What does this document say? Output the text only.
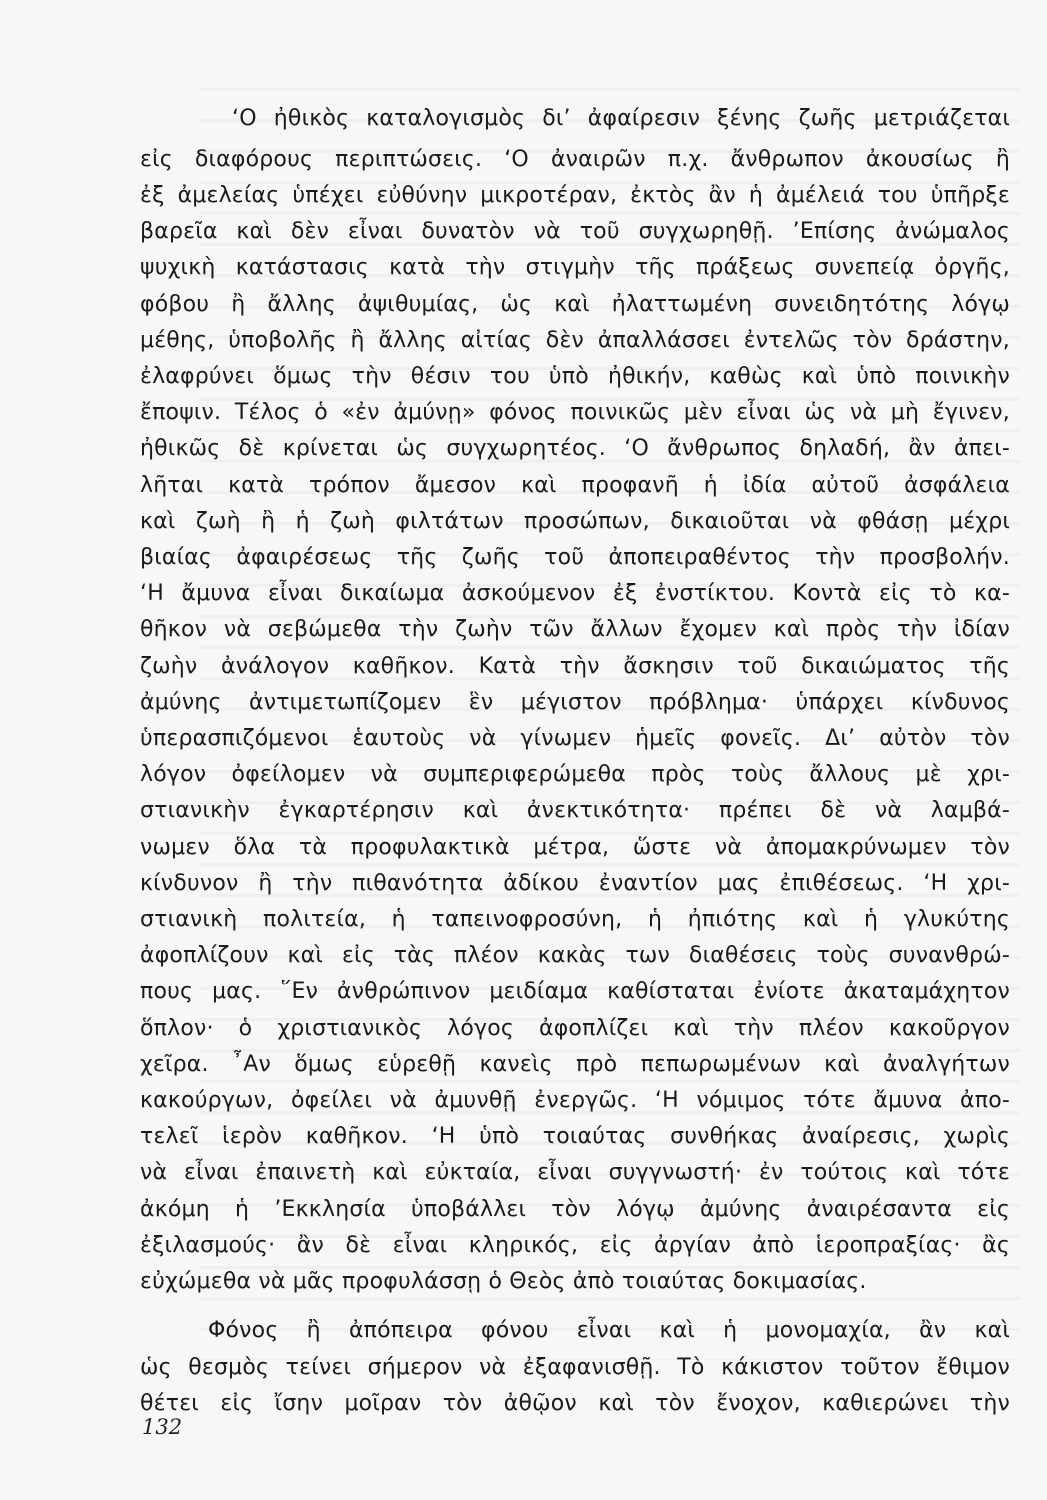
‘Ο ἠθικὸς καταλογισμὸς δι’ ἀφαίρεσιν ξένης ζωῆς μετριάζεται
εἰς διαφόρους περιπτώσεις. ‘Ο ἀναιρῶν π.χ. ἄνθρωπον ἀκουσίως ἢ
ἐξ ἀμελείας ὑπέχει εὐθύνην μικροτέραν, ἐκτὸς ἂν ἡ ἀμέλειά του ὑπῆρξε
βαρεῖα καὶ δὲν εἶναι δυνατὸν νὰ τοῦ συγχωρηθῇ. ’Επίσης ἀνώμαλος
ψυχικὴ κατάστασις κατὰ τὴν στιγμὴν τῆς πράξεως συνεπείᾳ ὀργῆς,
φόβου ἢ ἄλλης ἀψιθυμίας, ὡς καὶ ἠλαττωμένη συνειδητότης λόγῳ
μέθης, ὑποβολῆς ἢ ἄλλης αἰτίας δὲν ἀπαλλάσσει ἐντελῶς τὸν δράστην,
ἐλαφρύνει ὅμως τὴν θέσιν του ὑπὸ ἠθικήν, καθὼς καὶ ὑπὸ ποινικὴν
ἔποψιν. Τέλος ὁ «ἐν ἀμύνῃ» φόνος ποινικῶς μὲν εἶναι ὡς νὰ μὴ ἔγινεν,
ἠθικῶς δὲ κρίνεται ὡς συγχωρητέος. ‘Ο ἄνθρωπος δηλαδή, ἂν ἀπει-
λῆται κατὰ τρόπον ἄμεσον καὶ προφανῆ ἡ ἰδία αὐτοῦ ἀσφάλεια
καὶ ζωὴ ἢ ἡ ζωὴ φιλτάτων προσώπων, δικαιοῦται νὰ φθάσῃ μέχρι
βιαίας ἀφαιρέσεως τῆς ζωῆς τοῦ ἀποπειραθέντος τὴν προσβολήν.
‘Η ἄμυνα εἶναι δικαίωμα ἀσκούμενον ἐξ ἐνστίκτου. Κοντὰ εἰς τὸ κα-
θῆκον νὰ σεβώμεθα τὴν ζωὴν τῶν ἄλλων ἔχομεν καὶ πρὸς τὴν ἰδίαν
ζωὴν ἀνάλογον καθῆκον. Κατὰ τὴν ἄσκησιν τοῦ δικαιώματος τῆς
ἀμύνης ἀντιμετωπίζομεν ἓν μέγιστον πρόβλημα· ὑπάρχει κίνδυνος
ὑπερασπιζόμενοι ἑαυτοὺς νὰ γίνωμεν ἡμεῖς φονεῖς. Δι’ αὐτὸν τὸν
λόγον ὀφείλομεν νὰ συμπεριφερώμεθα πρὸς τοὺς ἄλλους μὲ χρι-
στιανικὴν ἐγκαρτέρησιν καὶ ἀνεκτικότητα· πρέπει δὲ νὰ λαμβά-
νωμεν ὅλα τὰ προφυλακτικὰ μέτρα, ὥστε νὰ ἀπομακρύνωμεν τὸν
κίνδυνον ἢ τὴν πιθανότητα ἀδίκου ἐναντίον μας ἐπιθέσεως. ‘Η χρι-
στιανικὴ πολιτεία, ἡ ταπεινοφροσύνη, ἡ ἠπιότης καὶ ἡ γλυκύτης
ἀφοπλίζουν καὶ εἰς τὰς πλέον κακὰς των διαθέσεις τοὺς συνανθρώ-
πους μας. ῞Εν ἀνθρώπινον μειδίαμα καθίσταται ἐνίοτε ἀκαταμάχητον
ὅπλον· ὁ χριστιανικὸς λόγος ἀφοπλίζει καὶ τὴν πλέον κακοῦργον
χεῖρα. ῏Αν ὅμως εὑρεθῇ κανεὶς πρὸ πεπωρωμένων καὶ ἀναλγήτων
κακούργων, ὀφείλει νὰ ἀμυνθῇ ἐνεργῶς. ‘Η νόμιμος τότε ἄμυνα ἀπο-
τελεῖ ἱερὸν καθῆκον. ‘Η ὑπὸ τοιαύτας συνθήκας ἀναίρεσις, χωρὶς
νὰ εἶναι ἐπαινετὴ καὶ εὐκταία, εἶναι συγγνωστή· ἐν τούτοις καὶ τότε
ἀκόμη ἡ ’Εκκλησία ὑποβάλλει τὸν λόγῳ ἀμύνης ἀναιρέσαντα εἰς
ἐξιλασμούς· ἂν δὲ εἶναι κληρικός, εἰς ἀργίαν ἀπὸ ἱεροπραξίας· ἂς
εὐχώμεθα νὰ μᾶς προφυλάσσῃ ὁ Θεὸς ἀπὸ τοιαύτας δοκιμασίας.
Φόνος ἢ ἀπόπειρα φόνου εἶναι καὶ ἡ μονομαχία, ἂν καὶ
ὡς θεσμὸς τείνει σήμερον νὰ ἐξαφανισθῇ. Τὸ κάκιστον τοῦτον ἔθιμον
θέτει εἰς ἴσην μοῖραν τὸν ἀθῷον καὶ τὸν ἔνοχον, καθιερώνει τὴν
132
